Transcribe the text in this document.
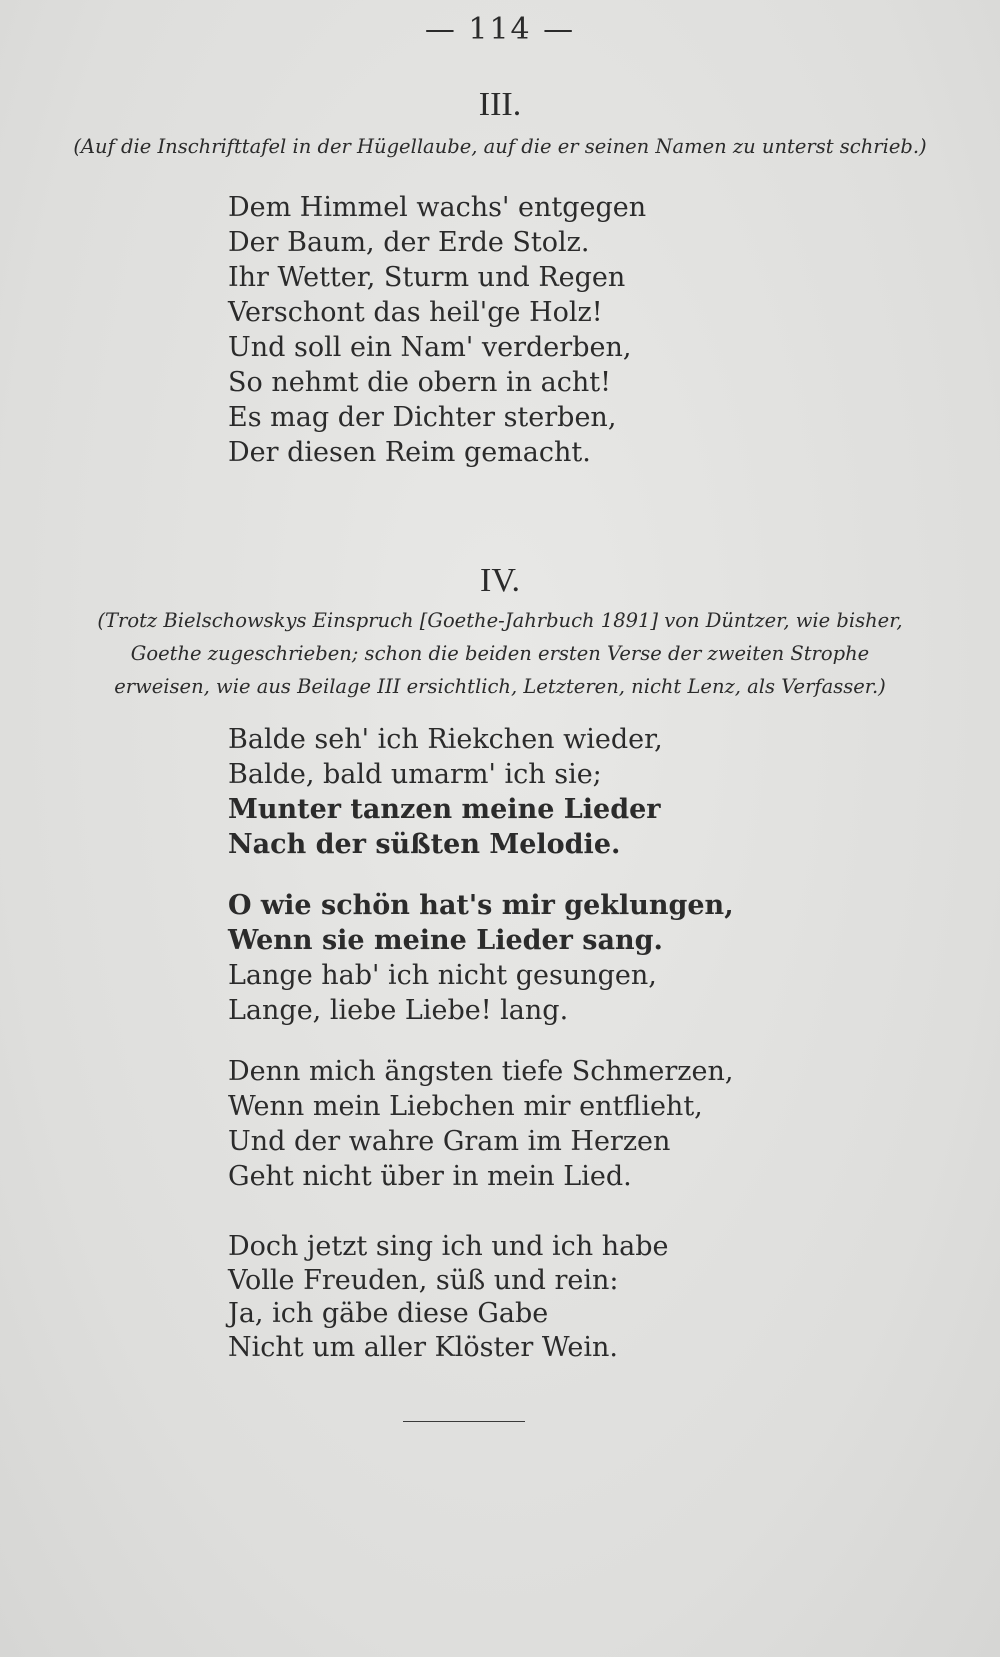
— 114 —
III.
(Auf die Inschrifttafel in der Hügellaube, auf die er seinen Namen zu unterst schrieb.)
Dem Himmel wachs' entgegen
Der Baum, der Erde Stolz.
Ihr Wetter, Sturm und Regen
Verschont das heil'ge Holz!
Und soll ein Nam' verderben,
So nehmt die obern in acht!
Es mag der Dichter sterben,
Der diesen Reim gemacht.
IV.
(Trotz Bielschowskys Einspruch [Goethe-Jahrbuch 1891] von Düntzer, wie bisher,
Goethe zugeschrieben; schon die beiden ersten Verse der zweiten Strophe
erweisen, wie aus Beilage III ersichtlich, Letzteren, nicht Lenz, als Verfasser.)
Balde seh' ich Riekchen wieder,
Balde, bald umarm' ich sie;
Munter tanzen meine Lieder
Nach der süßten Melodie.
O wie schön hat's mir geklungen,
Wenn sie meine Lieder sang.
Lange hab' ich nicht gesungen,
Lange, liebe Liebe! lang.
Denn mich ängsten tiefe Schmerzen,
Wenn mein Liebchen mir entflieht,
Und der wahre Gram im Herzen
Geht nicht über in mein Lied.
Doch jetzt sing ich und ich habe
Volle Freuden, süß und rein:
Ja, ich gäbe diese Gabe
Nicht um aller Klöster Wein.
